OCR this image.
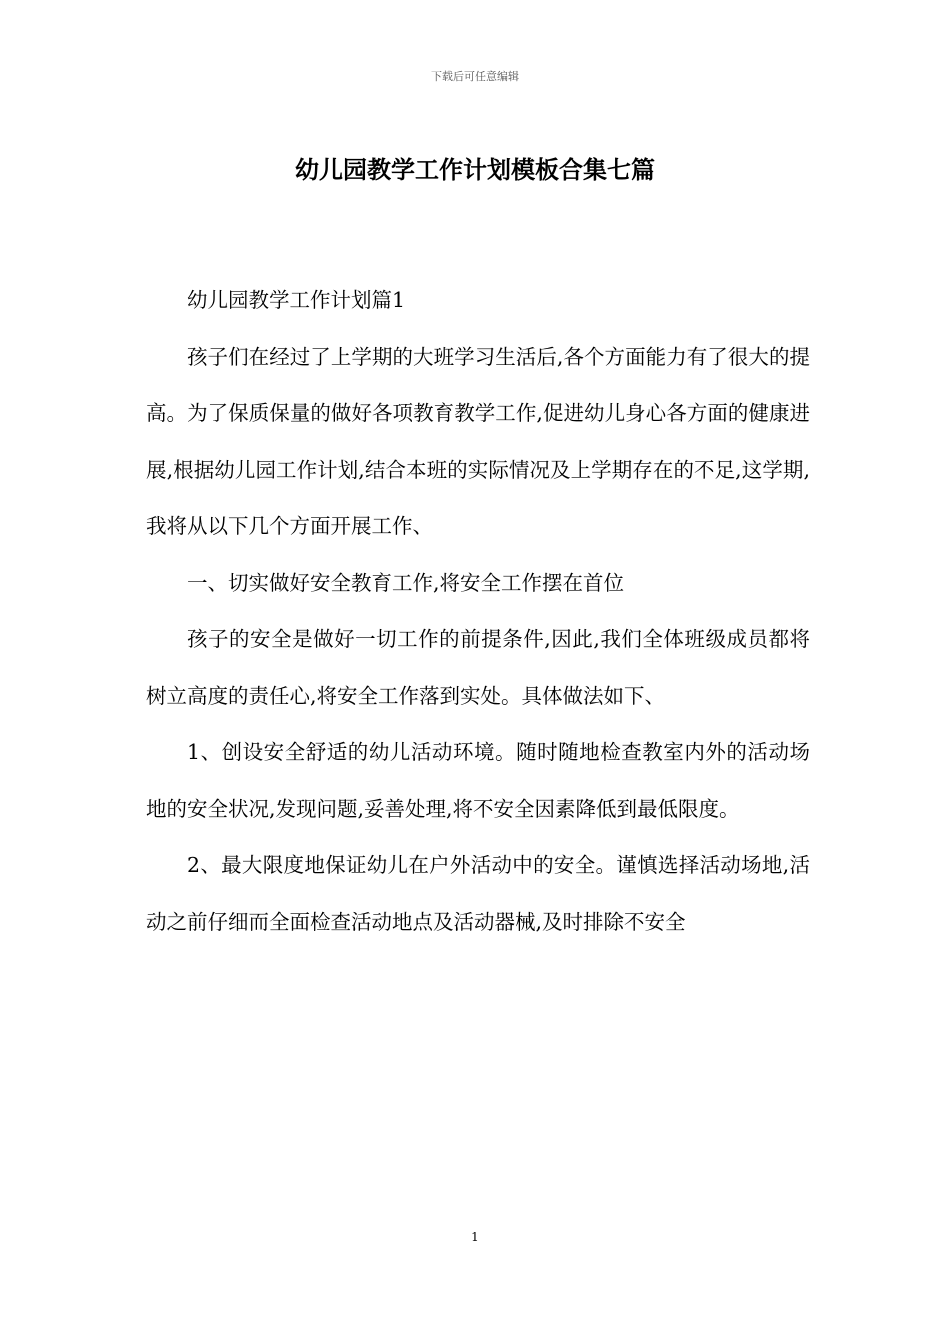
下载后可任意编辑
幼儿园教学工作计划模板合集七篇

幼儿园教学工作计划篇1

孩子们在经过了上学期的大班学习生活后,各个方面能力有了很大的提高。为了保质保量的做好各项教育教学工作,促进幼儿身心各方面的健康进展,根据幼儿园工作计划,结合本班的实际情况及上学期存在的不足,这学期,我将从以下几个方面开展工作、

一、切实做好安全教育工作,将安全工作摆在首位

孩子的安全是做好一切工作的前提条件,因此,我们全体班级成员都将树立高度的责任心,将安全工作落到实处。具体做法如下、

1、创设安全舒适的幼儿活动环境。随时随地检查教室内外的活动场地的安全状况,发现问题,妥善处理,将不安全因素降低到最低限度。

2、最大限度地保证幼儿在户外活动中的安全。谨慎选择活动场地,活动之前仔细而全面检查活动地点及活动器械,及时排除不安全

1
